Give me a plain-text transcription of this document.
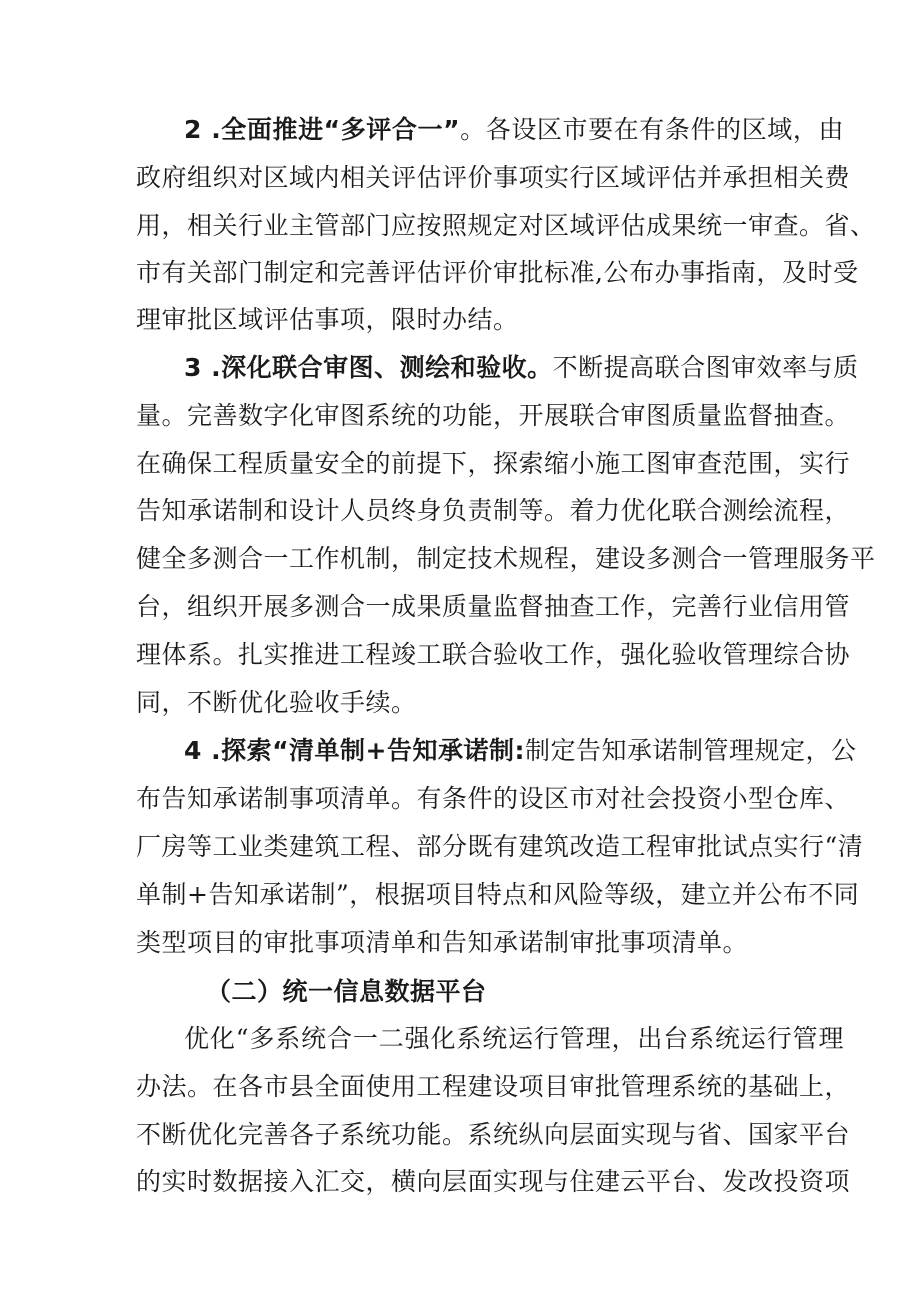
2 .全面推进“多评合一”。各设区市要在有条件的区域，由
政府组织对区域内相关评估评价事项实行区域评估并承担相关费
用，相关行业主管部门应按照规定对区域评估成果统一审查。省、
市有关部门制定和完善评估评价审批标准,公布办事指南，及时受
理审批区域评估事项，限时办结。
3 .深化联合审图、测绘和验收。不断提高联合图审效率与质
量。完善数字化审图系统的功能，开展联合审图质量监督抽查。
在确保工程质量安全的前提下，探索缩小施工图审查范围，实行
告知承诺制和设计人员终身负责制等。着力优化联合测绘流程，
健全多测合一工作机制，制定技术规程，建设多测合一管理服务平
台，组织开展多测合一成果质量监督抽查工作，完善行业信用管
理体系。扎实推进工程竣工联合验收工作，强化验收管理综合协
同，不断优化验收手续。
4 .探索“清单制+告知承诺制:制定告知承诺制管理规定，公
布告知承诺制事项清单。有条件的设区市对社会投资小型仓库、
厂房等工业类建筑工程、部分既有建筑改造工程审批试点实行“清
单制+告知承诺制”，根据项目特点和风险等级，建立并公布不同
类型项目的审批事项清单和告知承诺制审批事项清单。
（二）统一信息数据平台
优化“多系统合一二强化系统运行管理，出台系统运行管理
办法。在各市县全面使用工程建设项目审批管理系统的基础上，
不断优化完善各子系统功能。系统纵向层面实现与省、国家平台
的实时数据接入汇交，横向层面实现与住建云平台、发改投资项
